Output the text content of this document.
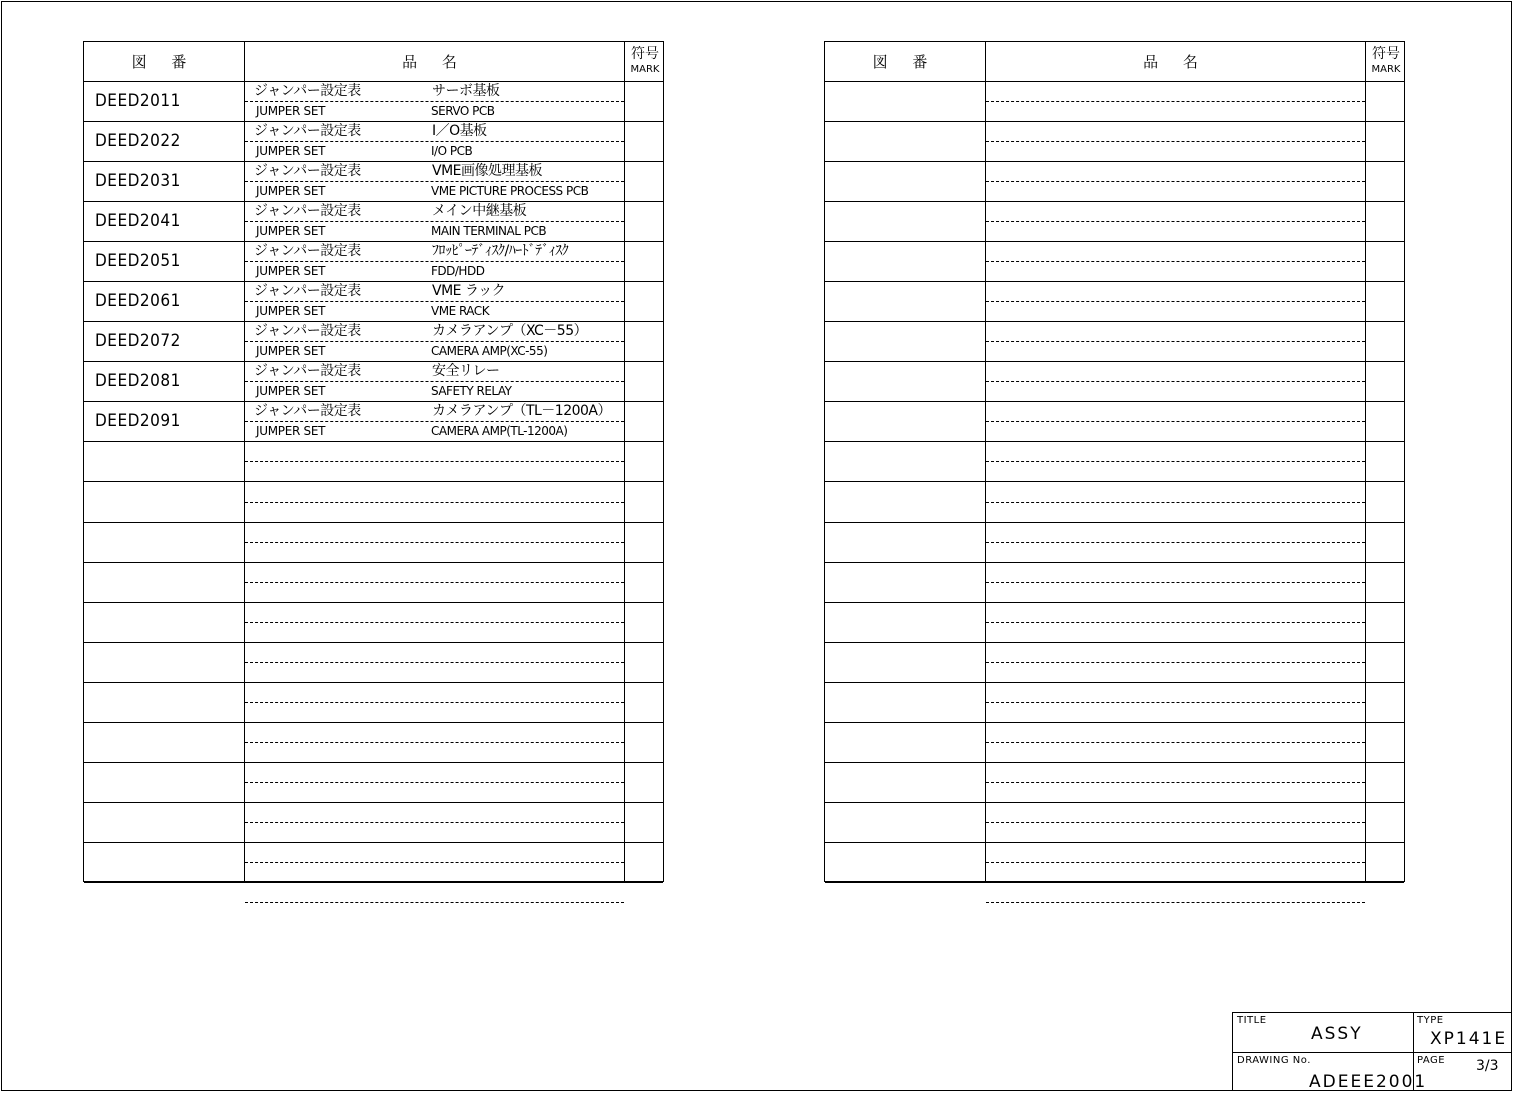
図 番	品 名	符号
MARK
DEED2011	ジャンパー設定表	サーボ基板
JUMPER SET	SERVO PCB
DEED2022	ジャンパー設定表	I／O基板
JUMPER SET	I/O PCB
DEED2031	ジャンパー設定表	VME画像処理基板
JUMPER SET	VME PICTURE PROCESS PCB
DEED2041	ジャンパー設定表	メイン中継基板
JUMPER SET	MAIN TERMINAL PCB
DEED2051	ジャンパー設定表	ﾌﾛｯﾋﾟｰﾃﾞｨｽｸ/ﾊｰﾄﾞﾃﾞｨｽｸ
JUMPER SET	FDD/HDD
DEED2061	ジャンパー設定表	VME ラック
JUMPER SET	VME RACK
DEED2072	ジャンパー設定表	カメラアンプ（XC－55）
JUMPER SET	CAMERA AMP(XC-55)
DEED2081	ジャンパー設定表	安全リレー
JUMPER SET	SAFETY RELAY
DEED2091	ジャンパー設定表	カメラアンプ（TL－1200A）
JUMPER SET	CAMERA AMP(TL-1200A)
図 番	品 名	符号
MARK
TITLE
ASSY
TYPE
XP141E
DRAWING No.
ADEEE2001
PAGE 3/3
